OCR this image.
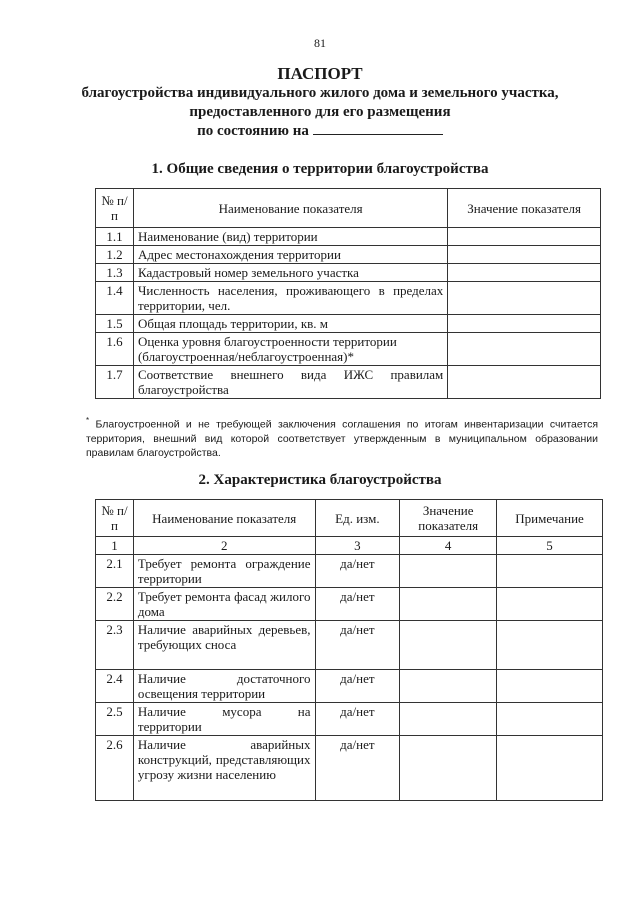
81
ПАСПОРТ
благоустройства индивидуального жилого дома и земельного участка,
предоставленного для его размещения
по состоянию на
1. Общие сведения о территории благоустройства
№ п/п	Наименование показателя	Значение показателя
1.1	Наименование (вид) территории	
1.2	Адрес местонахождения территории	
1.3	Кадастровый номер земельного участка	
1.4	Численность населения, проживающего в пределах территории, чел.	
1.5	Общая площадь территории, кв. м	
1.6	Оценка уровня благоустроенности территории (благоустроенная/неблагоустроенная)*	
1.7	Соответствие внешнего вида ИЖС правилам благоустройства	
* Благоустроенной и не требующей заключения соглашения по итогам инвентаризации считается территория, внешний вид которой соответствует утвержденным в муниципальном образовании правилам благоустройства.
2. Характеристика благоустройства
№ п/п	Наименование показателя	Ед. изм.	Значение показателя	Примечание
1	2	3	4	5
2.1	Требует ремонта ограждение территории	да/нет		
2.2	Требует ремонта фасад жилого дома	да/нет		
2.3	Наличие аварийных деревьев, требующих сноса	да/нет		
2.4	Наличие достаточного освещения территории	да/нет		
2.5	Наличие мусора на территории	да/нет		
2.6	Наличие аварийных конструкций, представляющих угрозу жизни населению	да/нет		
